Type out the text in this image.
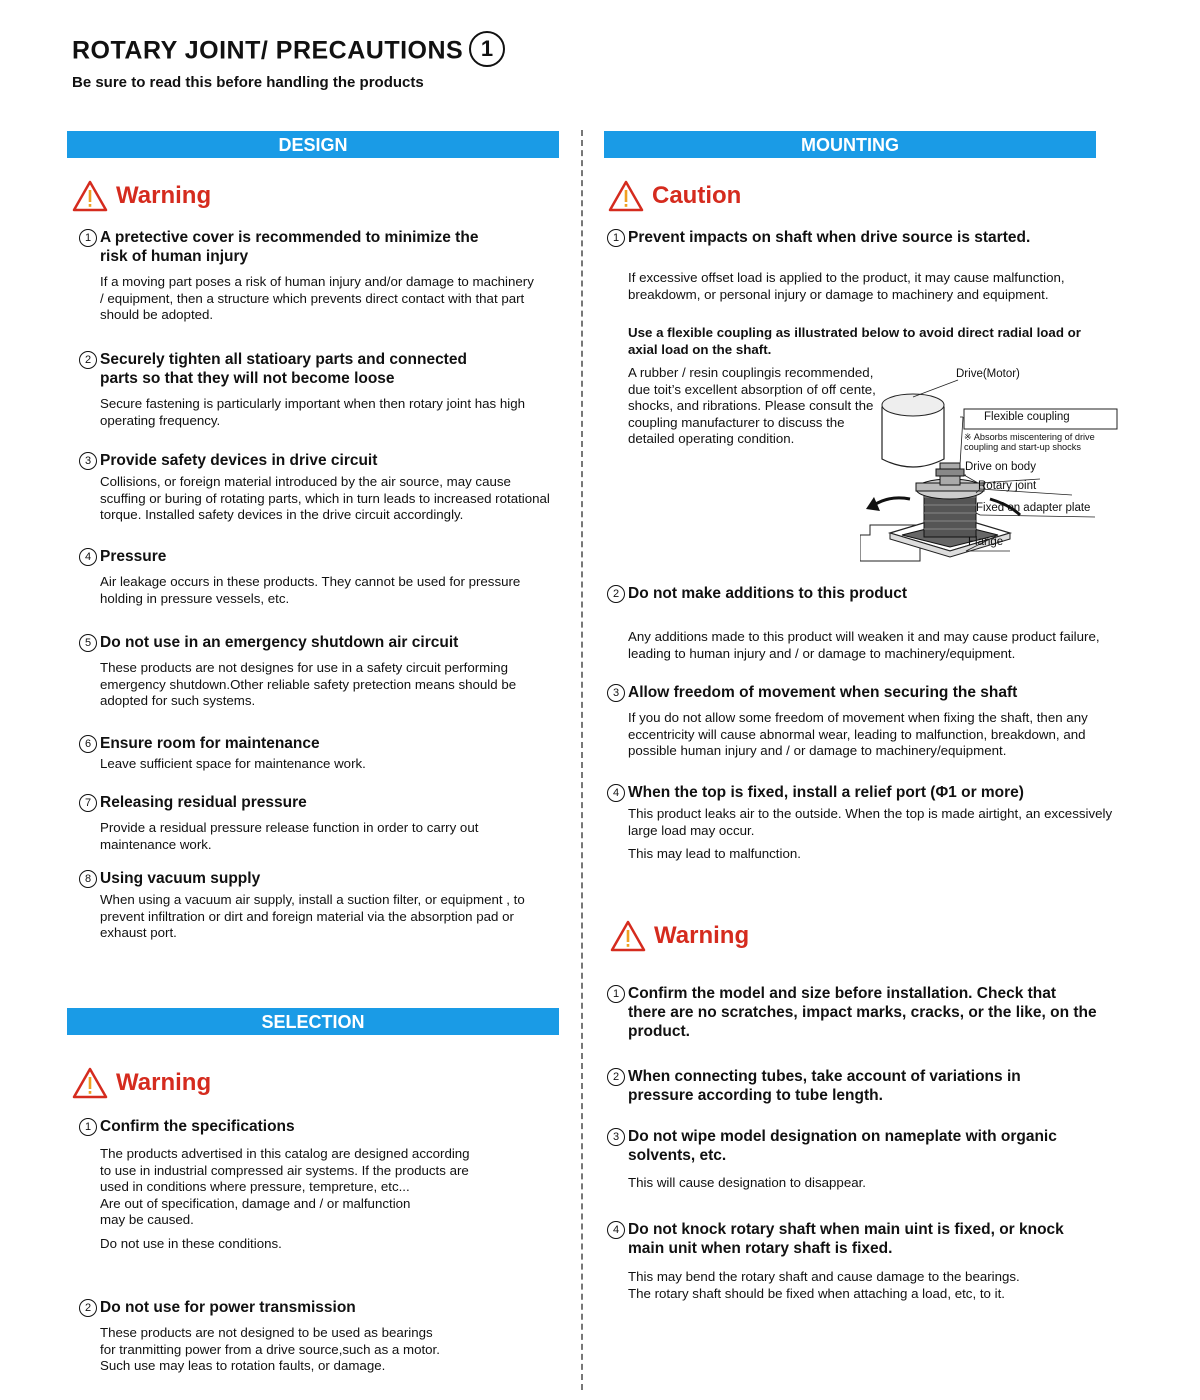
ROTARY JOINT/ PRECAUTIONS 1
Be sure to read this before handling the products
DESIGN
Warning
1 A pretective cover is recommended to minimize the risk of human injury
If a moving part poses a risk of human injury and/or damage to machinery / equipment, then a structure which prevents direct contact with that part should be adopted.
2 Securely tighten all statioary parts and connected parts so that they will not become loose
Secure fastening is particularly important when then rotary joint has high operating frequency.
3 Provide safety devices in drive circuit
Collisions, or foreign material introduced by the air source, may cause scuffing or buring of rotating parts, which in turn leads to increased rotational torque. Installed safety devices in the drive circuit accordingly.
4 Pressure
Air leakage occurs in these products. They cannot be used for pressure holding in pressure vessels, etc.
5 Do not use in an emergency shutdown air circuit
These products are not designes for use in a safety circuit performing emergency shutdown.Other reliable safety pretection means should be adopted for such systems.
6 Ensure room for maintenance
Leave sufficient space for maintenance work.
7 Releasing residual pressure
Provide a residual pressure release function in order to carry out maintenance work.
8 Using vacuum supply
When using a vacuum air supply, install a suction filter, or equipment , to prevent infiltration or dirt and foreign material via the absorption pad or exhaust port.
SELECTION
Warning
1 Confirm the specifications
The products advertised in this catalog are designed according
to use in industrial compressed air systems. If the products are
used in conditions where pressure, tempreture, etc...
Are out of specification, damage and / or malfunction
may be caused.
Do not use in these conditions.
2 Do not use for power transmission
These products are not designed to be used as bearings
for tranmitting power from a drive source,such as a motor.
Such use may leas to rotation faults, or damage.
MOUNTING
Caution
1 Prevent impacts on shaft when drive source is started.
If excessive offset load is applied to the product, it may cause malfunction, breakdowm, or personal injury or damage to machinery and equipment.
Use a flexible coupling as illustrated below to avoid direct radial load or axial load on the shaft.
A rubber / resin couplingis recommended, due toit’s excellent absorption of off cente, shocks, and ribrations. Please consult the coupling manufacturer to discuss the detailed operating condition.
Drive(Motor)
Flexible coupling
※ Absorbs miscentering of drive coupling and start-up shocks
Drive on body
Rotary joint
Fixed on adapter plate
Flange
2 Do not make additions to this product
Any additions made to this product will weaken it and may cause product failure, leading to human injury and / or damage to machinery/equipment.
3 Allow freedom of movement when securing the shaft
If you do not allow some freedom of movement when fixing the shaft, then any eccentricity will cause abnormal wear, leading to malfunction, breakdown, and possible human injury and / or damage to machinery/equipment.
4 When the top is fixed, install a relief port (Φ1 or more)

This product leaks air to the outside. When the top is made airtight, an excessively large load may occur.

This may lead to malfunction.

Warning
1 Confirm the model and size before installation. Check that there are no scratches, impact marks, cracks, or the like, on the product.
2 When connecting tubes, take account of variations in pressure according to tube length.
3 Do not wipe model designation on nameplate with organic solvents, etc.
This will cause designation to disappear.
4 Do not knock rotary shaft when main uint is fixed, or knock main unit when rotary shaft is fixed.
This may bend the rotary shaft and cause damage to the bearings.
The rotary shaft should be fixed when attaching a load, etc, to it.
